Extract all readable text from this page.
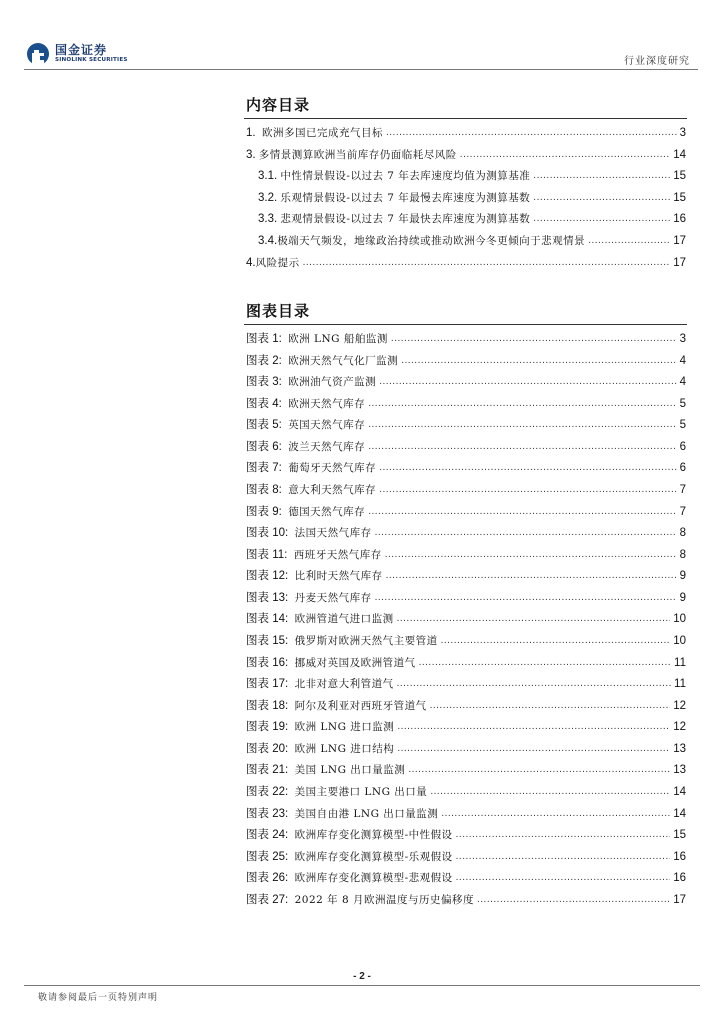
国金证券
SINOLINK SECURITIES	行业深度研究
内容目录
1. 欧洲多国已完成充气目标 .....	3
3. 多情景测算欧洲当前库存仍面临耗尽风险 .....	14
3.1. 中性情景假设-以过去 7 年去库速度均值为测算基准 .....	15
3.2. 乐观情景假设-以过去 7 年最慢去库速度为测算基数 .....	15
3.3. 悲观情景假设-以过去 7 年最快去库速度为测算基数 .....	16
3.4. 极端天气频发，地缘政治持续或推动欧洲今冬更倾向于悲观情景 .....	17
4. 风险提示 .....	17
图表目录
图表 1: 欧洲 LNG 船舶监测 .....	3
图表 2: 欧洲天然气气化厂监测 .....	4
图表 3: 欧洲油气资产监测 .....	4
图表 4: 欧洲天然气库存 .....	5
图表 5: 英国天然气库存 .....	5
图表 6: 波兰天然气库存 .....	6
图表 7: 葡萄牙天然气库存 .....	6
图表 8: 意大利天然气库存 .....	7
图表 9: 德国天然气库存 .....	7
图表 10: 法国天然气库存 .....	8
图表 11: 西班牙天然气库存 .....	8
图表 12: 比利时天然气库存 .....	9
图表 13: 丹麦天然气库存 .....	9
图表 14: 欧洲管道气进口监测 .....	10
图表 15: 俄罗斯对欧洲天然气主要管道 .....	10
图表 16: 挪威对英国及欧洲管道气 .....	11
图表 17: 北非对意大利管道气 .....	11
图表 18: 阿尔及利亚对西班牙管道气 .....	12
图表 19: 欧洲 LNG 进口监测 .....	12
图表 20: 欧洲 LNG 进口结构 .....	13
图表 21: 美国 LNG 出口量监测 .....	13
图表 22: 美国主要港口 LNG 出口量 .....	14
图表 23: 美国自由港 LNG 出口量监测 .....	14
图表 24: 欧洲库存变化测算模型-中性假设 .....	15
图表 25: 欧洲库存变化测算模型-乐观假设 .....	16
图表 26: 欧洲库存变化测算模型-悲观假设 .....	16
图表 27: 2022 年 8 月欧洲温度与历史偏移度 .....	17
- 2 -
敬请参阅最后一页特别声明
